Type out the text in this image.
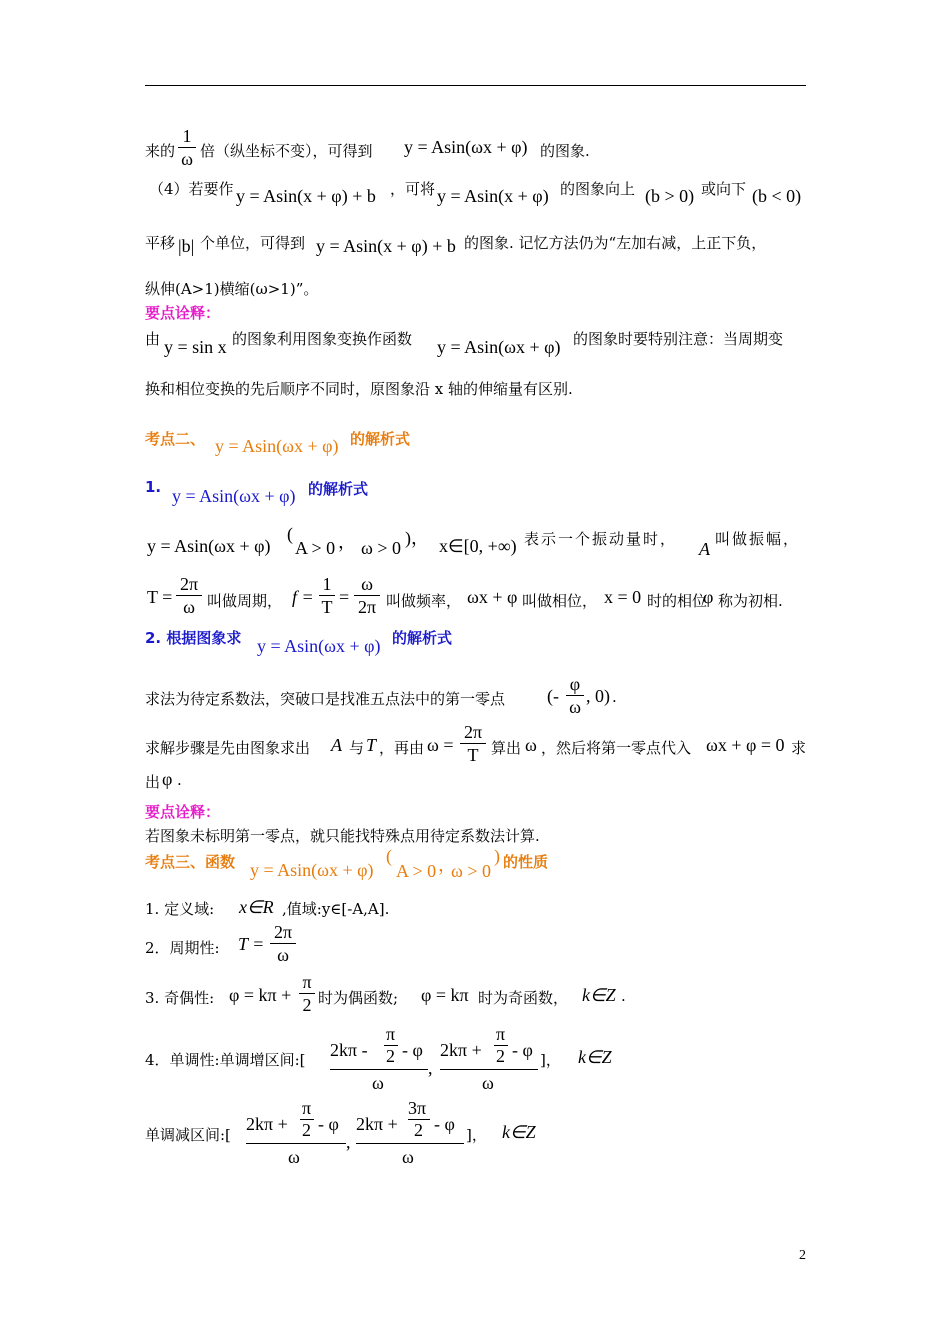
来的
1
ω 倍（纵坐标不变），可得到 y = Asin(ωx + φ) 的图象.
（4）若要作 y = Asin(x + φ) + b ，可将 y = Asin(x + φ) 的图象向上 (b > 0) 或向下 (b < 0)
平移 |b| 个单位，可得到 y = Asin(x + φ) + b 的图象. 记忆方法仍为“左加右减，上正下负，
纵伸(A>1)横缩(ω>1)”。
要点诠释：
由 y = sin x 的图象利用图象变换作函数 y = Asin(ωx + φ) 的图象时要特别注意：当周期变
换和相位变换的先后顺序不同时，原图象沿 x 轴的伸缩量有区别.
考点二、 y = Asin(ωx + φ) 的解析式
1. y = Asin(ωx + φ) 的解析式
y = Asin(ωx + φ)
(
A > 0 ， ω > 0 )， x∈[0, +∞) 表示一个振动量时， A 叫做振幅，
T =
2π
ω 叫做周期， f =
1
T =
ω
2π 叫做频率， ωx + φ 叫做相位， x = 0 时的相位
φ 称为初相.
2. 根据图象求 y = Asin(ωx + φ) 的解析式
求法为待定系数法，突破口是找准五点法中的第一零点 (-
φ
ω
, 0) .
求解步骤是先由图象求出 A 与 T ，再由 ω =
2π
T 算出 ω ，然后将第一零点代入 ωx + φ = 0 求
出 φ .
要点诠释：
若图象未标明第一零点，就只能找特殊点用待定系数法计算.
考点三、函数 y = Asin(ωx + φ)
(
A > 0 ，
ω > 0
) 的性质
1. 定义域: x∈R ,值域:y∈[-A,A].
2．周期性: T =
2π
ω
3. 奇偶性: φ = kπ +
π
2 时为偶函数; φ = kπ 时为奇函数， k∈Z .
4．单调性:单调增区间:[ 2kπ -
π
2 - φ
ω
,
2kπ +
π
2 - φ
ω
]， k∈Z
单调减区间:[
2kπ +
π
2 - φ
ω
,
2kπ +
3π
2 - φ
ω
]， k∈Z
2
